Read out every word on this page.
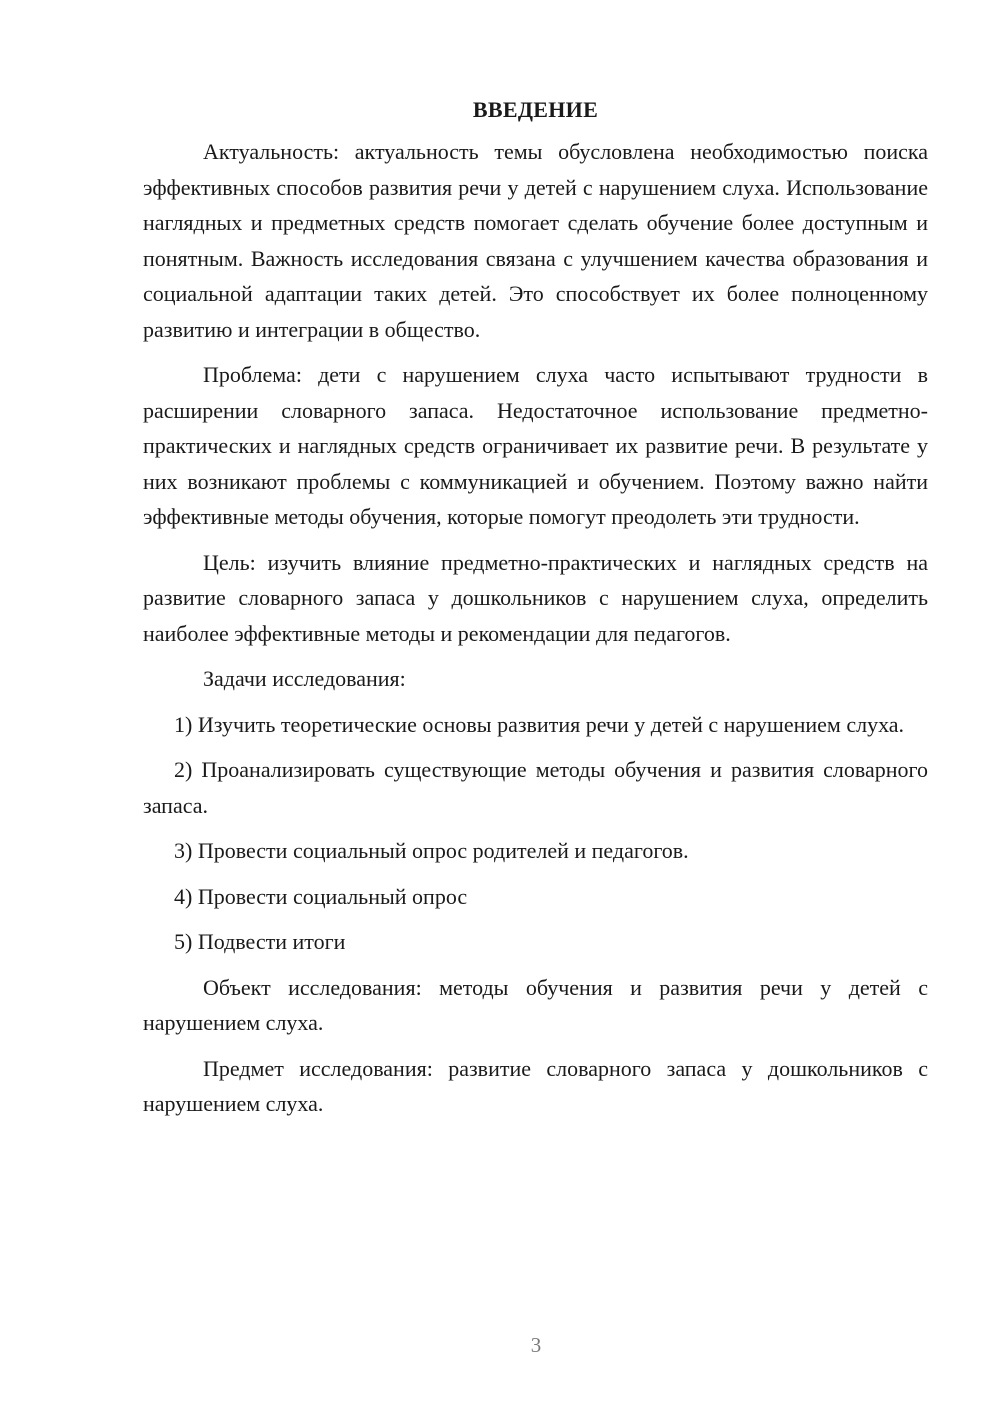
ВВЕДЕНИЕ

Актуальность: актуальность темы обусловлена необходимостью поиска эффективных способов развития речи у детей с нарушением слуха. Использование наглядных и предметных средств помогает сделать обучение более доступным и понятным. Важность исследования связана с улучшением качества образования и социальной адаптации таких детей. Это способствует их более полноценному развитию и интеграции в общество.

Проблема: дети с нарушением слуха часто испытывают трудности в расширении словарного запаса. Недостаточное использование предметно-практических и наглядных средств ограничивает их развитие речи. В результате у них возникают проблемы с коммуникацией и обучением. Поэтому важно найти эффективные методы обучения, которые помогут преодолеть эти трудности.

Цель: изучить влияние предметно-практических и наглядных средств на развитие словарного запаса у дошкольников с нарушением слуха, определить наиболее эффективные методы и рекомендации для педагогов.

Задачи исследования:

1) Изучить теоретические основы развития речи у детей с нарушением слуха.

2) Проанализировать существующие методы обучения и развития словарного запаса.

3) Провести социальный опрос родителей и педагогов.

4) Провести социальный опрос

5) Подвести итоги

Объект исследования: методы обучения и развития речи у детей с нарушением слуха.

Предмет исследования: развитие словарного запаса у дошкольников с нарушением слуха.

3
